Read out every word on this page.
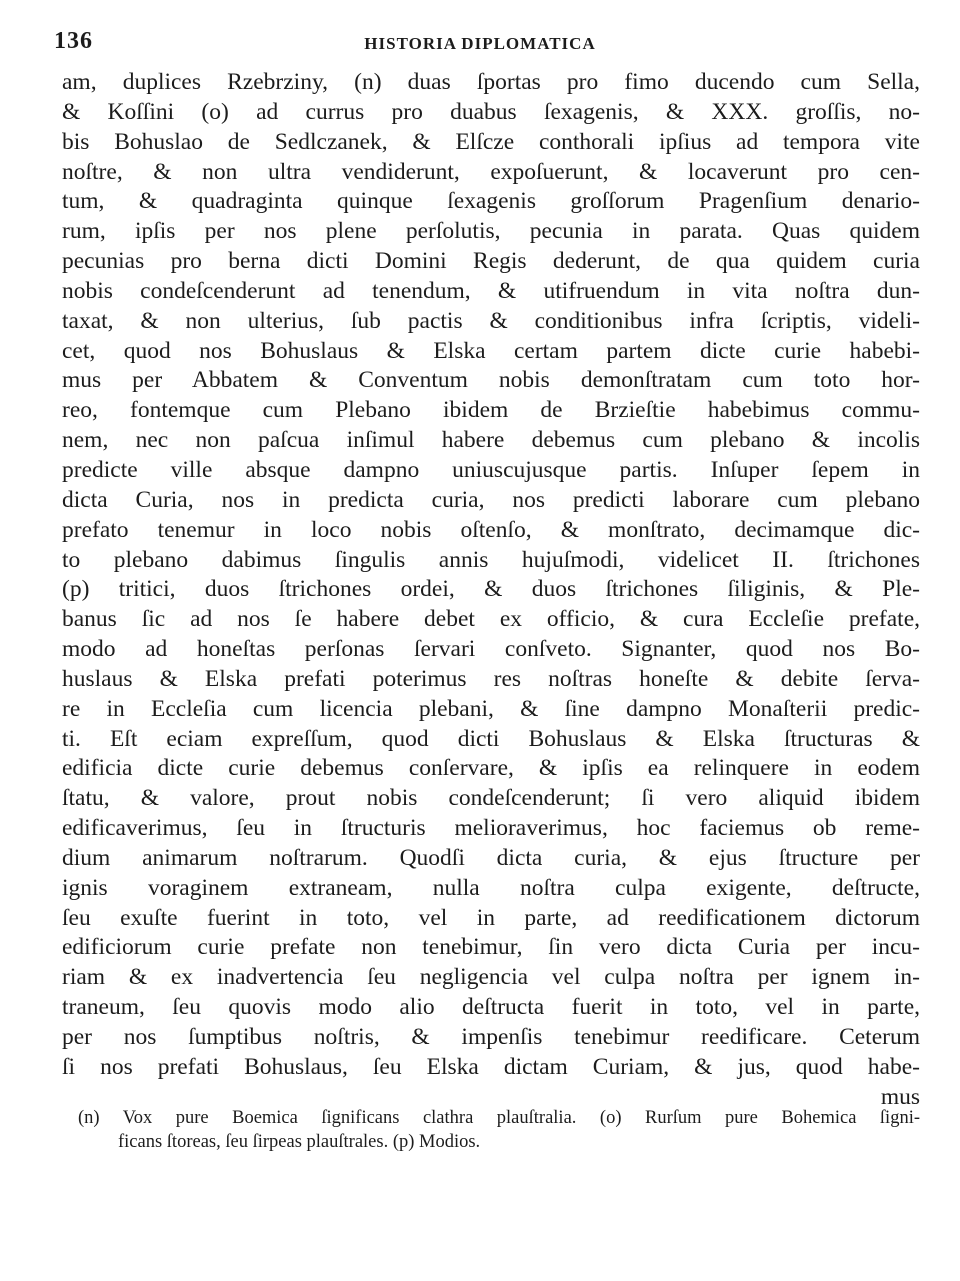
136	HISTORIA DIPLOMATICA
am, duplices Rzebrziny, (n) duas ſportas pro fimo ducendo cum Sella,
& Koſſini (o) ad currus pro duabus ſexagenis, & XXX. groſſis, no-
bis Bohuslao de Sedlczanek, & Elſcze conthorali ipſius ad tempora vite
noſtre, & non ultra vendiderunt, expoſuerunt, & locaverunt pro cen-
tum, & quadraginta quinque ſexagenis groſſorum Pragenſium denario-
rum, ipſis per nos plene perſolutis, pecunia in parata. Quas quidem
pecunias pro berna dicti Domini Regis dederunt, de qua quidem curia
nobis condeſcenderunt ad tenendum, & utifruendum in vita noſtra dun-
taxat, & non ulterius, ſub pactis & conditionibus infra ſcriptis, videli-
cet, quod nos Bohuslaus & Elska certam partem dicte curie habebi-
mus per Abbatem & Conventum nobis demonſtratam cum toto hor-
reo, fontemque cum Plebano ibidem de Brzieſtie habebimus commu-
nem, nec non paſcua inſimul habere debemus cum plebano & incolis
predicte ville absque dampno uniuscujusque partis. Inſuper ſepem in
dicta Curia, nos in predicta curia, nos predicti laborare cum plebano
prefato tenemur in loco nobis oſtenſo, & monſtrato, decimamque dic-
to plebano dabimus ſingulis annis hujuſmodi, videlicet II. ſtrichones
(p) tritici, duos ſtrichones ordei, & duos ſtrichones ſiliginis, & Ple-
banus ſic ad nos ſe habere debet ex officio, & cura Eccleſie prefate,
modo ad honeſtas perſonas ſervari conſveto. Signanter, quod nos Bo-
huslaus & Elska prefati poterimus res noſtras honeſte & debite ſerva-
re in Eccleſia cum licencia plebani, & ſine dampno Monaſterii predic-
ti. Eſt eciam expreſſum, quod dicti Bohuslaus & Elska ſtructuras &
edificia dicte curie debemus conſervare, & ipſis ea relinquere in eodem
ſtatu, & valore, prout nobis condeſcenderunt; ſi vero aliquid ibidem
edificaverimus, ſeu in ſtructuris melioraverimus, hoc faciemus ob reme-
dium animarum noſtrarum. Quodſi dicta curia, & ejus ſtructure per
ignis voraginem extraneam, nulla noſtra culpa exigente, deſtructe,
ſeu exuſte fuerint in toto, vel in parte, ad reedificationem dictorum
edificiorum curie prefate non tenebimur, ſin vero dicta Curia per incu-
riam & ex inadvertencia ſeu negligencia vel culpa noſtra per ignem in-
traneum, ſeu quovis modo alio deſtructa fuerit in toto, vel in parte,
per nos ſumptibus noſtris, & impenſis tenebimur reedificare. Ceterum
ſi nos prefati Bohuslaus, ſeu Elska dictam Curiam, & jus, quod habe-
mus
(n) Vox pure Boemica ſignificans clathra plauſtralia. (o) Rurſum pure Bohemica ſigni-
ficans ſtoreas, ſeu ſirpeas plauſtrales. (p) Modios.
